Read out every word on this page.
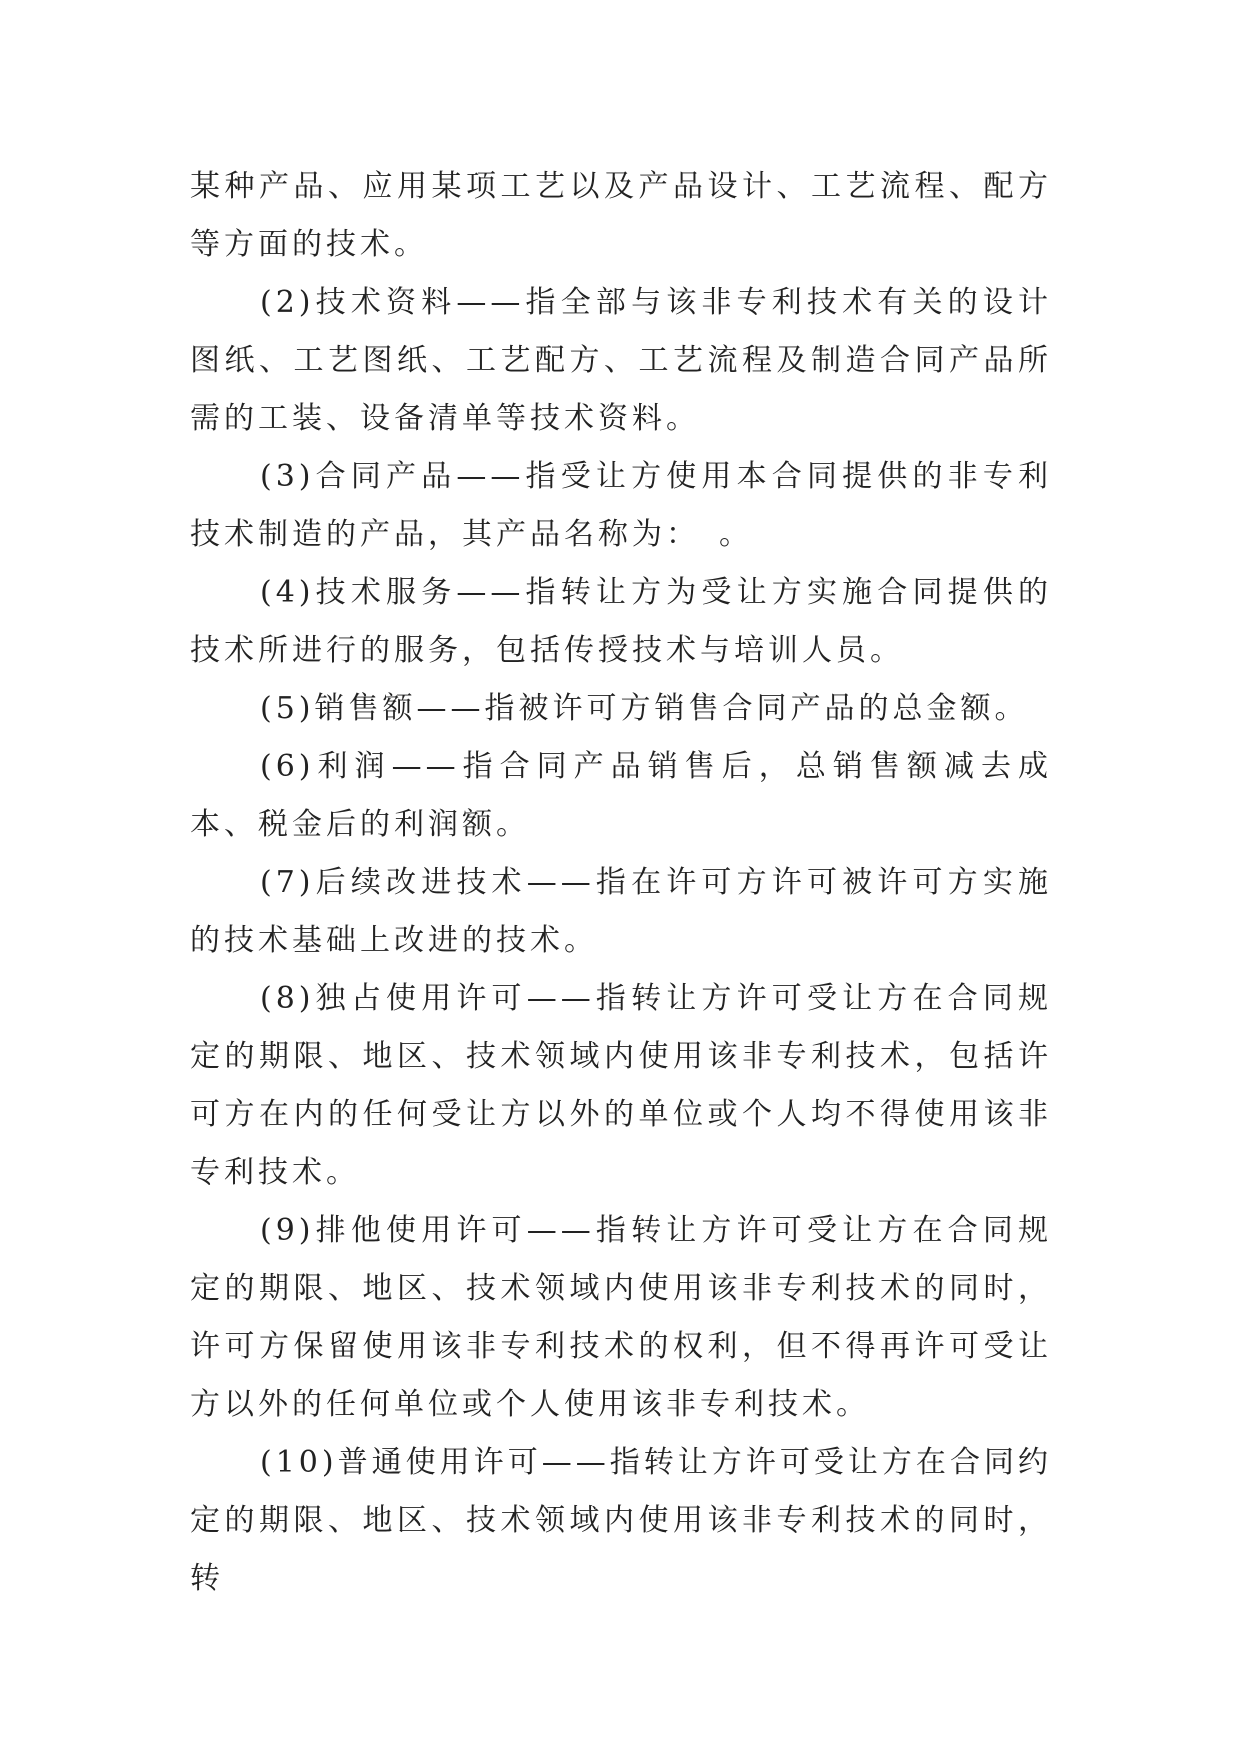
某种产品、应用某项工艺以及产品设计、工艺流程、配方等方面的技术。

(2)技术资料——指全部与该非专利技术有关的设计图纸、工艺图纸、工艺配方、工艺流程及制造合同产品所需的工装、设备清单等技术资料。

(3)合同产品——指受让方使用本合同提供的非专利技术制造的产品，其产品名称为：　。

(4)技术服务——指转让方为受让方实施合同提供的技术所进行的服务，包括传授技术与培训人员。

(5)销售额——指被许可方销售合同产品的总金额。

(6)利润——指合同产品销售后，总销售额减去成本、税金后的利润额。

(7)后续改进技术——指在许可方许可被许可方实施的技术基础上改进的技术。

(8)独占使用许可——指转让方许可受让方在合同规定的期限、地区、技术领域内使用该非专利技术，包括许可方在内的任何受让方以外的单位或个人均不得使用该非专利技术。

(9)排他使用许可——指转让方许可受让方在合同规定的期限、地区、技术领域内使用该非专利技术的同时，许可方保留使用该非专利技术的权利，但不得再许可受让方以外的任何单位或个人使用该非专利技术。

(10)普通使用许可——指转让方许可受让方在合同约定的期限、地区、技术领域内使用该非专利技术的同时，转
